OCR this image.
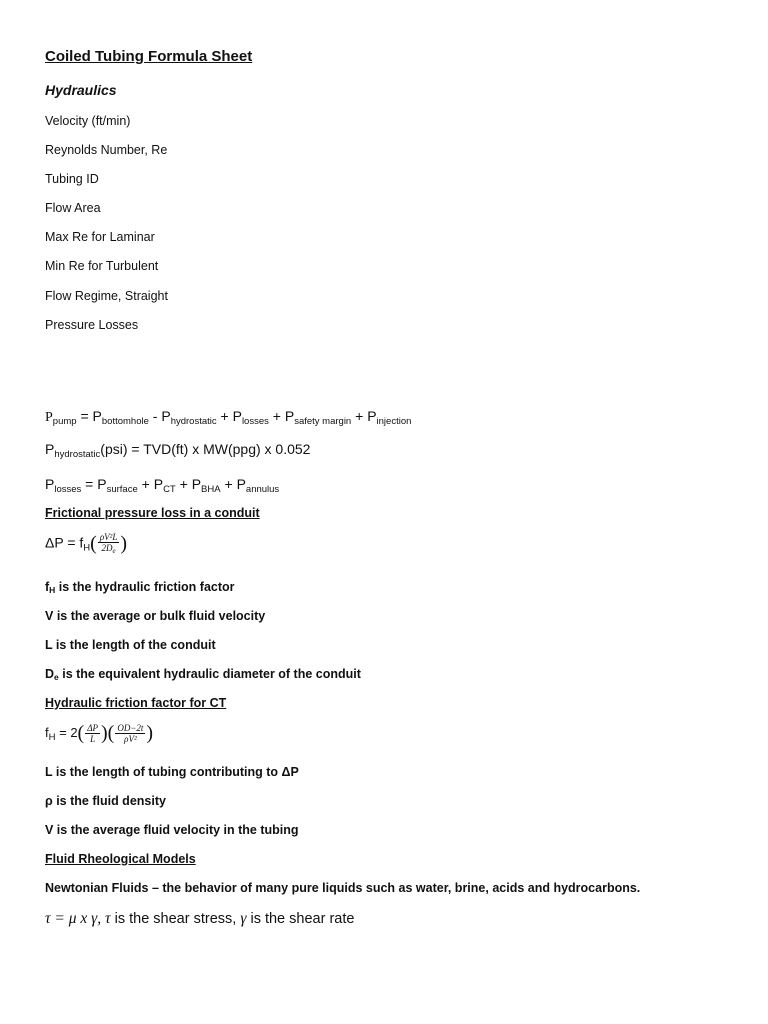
Coiled Tubing Formula Sheet
Hydraulics
Velocity (ft/min)
Reynolds Number, Re
Tubing ID
Flow Area
Max Re for Laminar
Min Re for Turbulent
Flow Regime, Straight
Pressure Losses
$P_{pump} = P_{bottomhole} - P_{hydrostatic} + P_{losses} + P_{safety margin} + P_{injection}$
$P_{hydrostatic}(psi) = TVD(ft)$ x MW(ppg) x 0.052
$P_{losses} = P_{surface} + P_{CT} + P_{BHA} + P_{annulus}$
Frictional pressure loss in a conduit
$\Delta P = f_H( \frac{\text{ρV²L}}{2D_e}$ )
$f_H$ is the hydraulic friction factor
V is the average or bulk fluid velocity
L is the length of the conduit
$D_e$ is the equivalent hydraulic diameter of the conduit
Hydraulic friction factor for CT
$f_H = 2( \frac{\Delta P}{L}$ )( $\frac{OD-2t}{\text{ρV²}}$ )
L is the length of tubing contributing to ΔP
ρ is the fluid density
V is the average fluid velocity in the tubing
Fluid Rheological Models
Newtonian Fluids – the behavior of many pure liquids such as water, brine, acids and hydrocarbons.
τ = μ x γ, τ is the shear stress, γ is the shear rate
